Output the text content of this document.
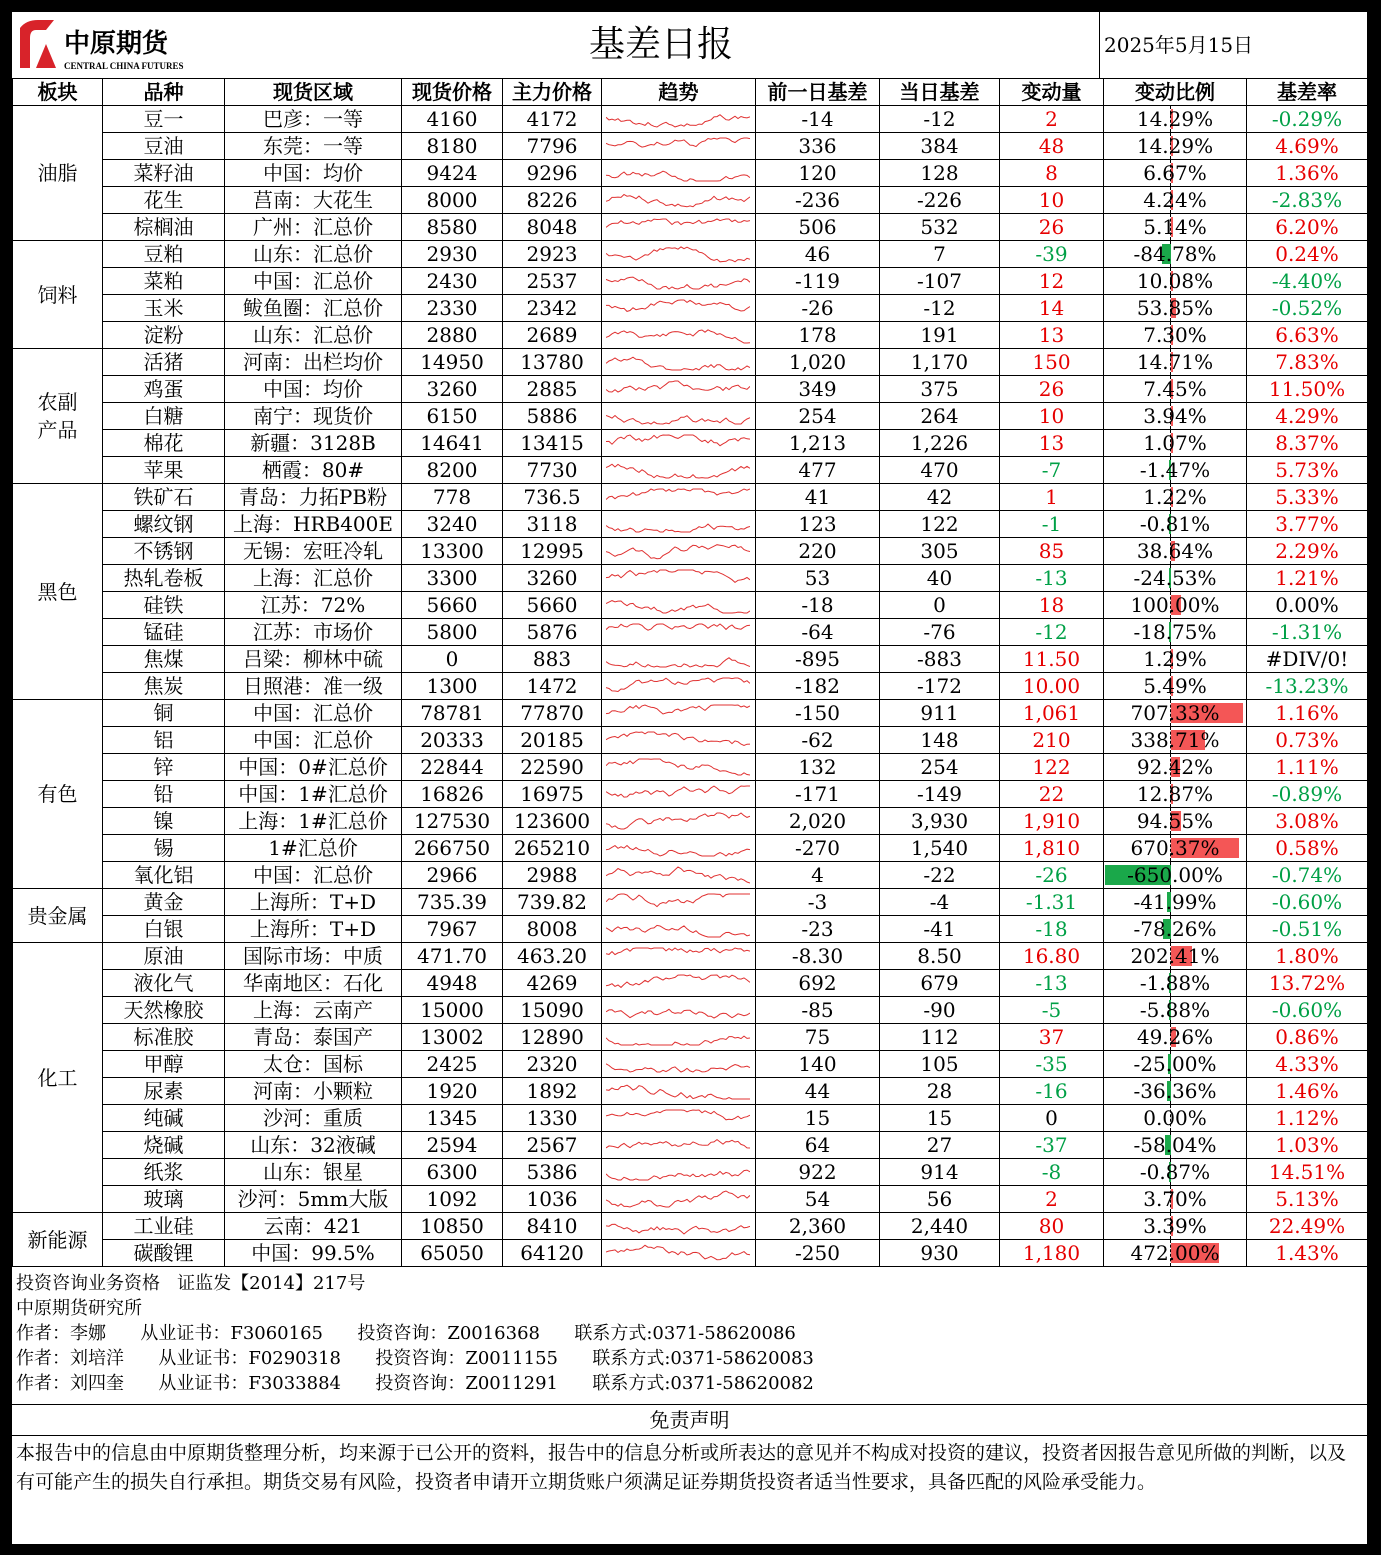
中原期货
CENTRAL CHINA FUTURES
基差日报	2025年5月15日
板块	品种	现货区域	现货价格	主力价格	趋势	前一日基差	当日基差	变动量	变动比例	基差率
油脂	豆一	巴彦：一等	4160	4172		-14	-12	2	14.29%	-0.29%
	豆油	东莞：一等	8180	7796		336	384	48	14.29%	4.69%
	菜籽油	中国：均价	9424	9296		120	128	8	6.67%	1.36%
	花生	莒南：大花生	8000	8226		-236	-226	10	4.24%	-2.83%
	棕榈油	广州：汇总价	8580	8048		506	532	26	5.14%	6.20%
饲料	豆粕	山东：汇总价	2930	2923		46	7	-39	-84.78%	0.24%
	菜粕	中国：汇总价	2430	2537		-119	-107	12	10.08%	-4.40%
	玉米	鲅鱼圈：汇总价	2330	2342		-26	-12	14	53.85%	-0.52%
	淀粉	山东：汇总价	2880	2689		178	191	13	7.30%	6.63%
农副产品	活猪	河南：出栏均价	14950	13780		1,020	1,170	150	14.71%	7.83%
	鸡蛋	中国：均价	3260	2885		349	375	26	7.45%	11.50%
	白糖	南宁：现货价	6150	5886		254	264	10	3.94%	4.29%
	棉花	新疆：3128B	14641	13415		1,213	1,226	13	1.07%	8.37%
	苹果	栖霞：80#	8200	7730		477	470	-7	-1.47%	5.73%
黑色	铁矿石	青岛：力拓PB粉	778	736.5		41	42	1	1.22%	5.33%
	螺纹钢	上海：HRB400E	3240	3118		123	122	-1	-0.81%	3.77%
	不锈钢	无锡：宏旺冷轧	13300	12995		220	305	85	38.64%	2.29%
	热轧卷板	上海：汇总价	3300	3260		53	40	-13	-24.53%	1.21%
	硅铁	江苏：72%	5660	5660		-18	0	18	100.00%	0.00%
	锰硅	江苏：市场价	5800	5876		-64	-76	-12	-18.75%	-1.31%
	焦煤	吕梁：柳林中硫	0	883		-895	-883	11.50	1.29%	#DIV/0!
	焦炭	日照港：准一级	1300	1472		-182	-172	10.00	5.49%	-13.23%
有色	铜	中国：汇总价	78781	77870		-150	911	1,061	707.33%	1.16%
	铝	中国：汇总价	20333	20185		-62	148	210	338.71%	0.73%
	锌	中国：0#汇总价	22844	22590		132	254	122	92.42%	1.11%
	铅	中国：1#汇总价	16826	16975		-171	-149	22	12.87%	-0.89%
	镍	上海：1#汇总价	127530	123600		2,020	3,930	1,910	94.55%	3.08%
	锡	1#汇总价	266750	265210		-270	1,540	1,810	670.37%	0.58%
	氧化铝	中国：汇总价	2966	2988		4	-22	-26	-650.00%	-0.74%
贵金属	黄金	上海所：T+D	735.39	739.82		-3	-4	-1.31	-41.99%	-0.60%
	白银	上海所：T+D	7967	8008		-23	-41	-18	-78.26%	-0.51%
化工	原油	国际市场：中质	471.70	463.20		-8.30	8.50	16.80	202.41%	1.80%
	液化气	华南地区：石化	4948	4269		692	679	-13	-1.88%	13.72%
	天然橡胶	上海：云南产	15000	15090		-85	-90	-5	-5.88%	-0.60%
	标准胶	青岛：泰国产	13002	12890		75	112	37	49.26%	0.86%
	甲醇	太仓：国标	2425	2320		140	105	-35	-25.00%	4.33%
	尿素	河南：小颗粒	1920	1892		44	28	-16	-36.36%	1.46%
	纯碱	沙河：重质	1345	1330		15	15	0	0.00%	1.12%
	烧碱	山东：32液碱	2594	2567		64	27	-37	-58.04%	1.03%
	纸浆	山东：银星	6300	5386		922	914	-8	-0.87%	14.51%
	玻璃	沙河：5mm大版	1092	1036		54	56	2	3.70%	5.13%
新能源	工业硅	云南：421	10850	8410		2,360	2,440	80	3.39%	22.49%
	碳酸锂	中国：99.5%	65050	64120		-250	930	1,180	472.00%	1.43%
投资咨询业务资格   证监发【2014】217号
中原期货研究所
作者：李娜      从业证书：F3060165      投资咨询：Z0016368      联系方式:0371-58620086
作者：刘培洋      从业证书：F0290318      投资咨询：Z0011155      联系方式:0371-58620083
作者：刘四奎      从业证书：F3033884      投资咨询：Z0011291      联系方式:0371-58620082
免责声明
本报告中的信息由中原期货整理分析，均来源于已公开的资料，报告中的信息分析或所表达的意见并不构成对投资的建议，投资者因报告意见所做的判断，以及有可能产生的损失自行承担。期货交易有风险，投资者申请开立期货账户须满足证券期货投资者适当性要求，具备匹配的风险承受能力。
